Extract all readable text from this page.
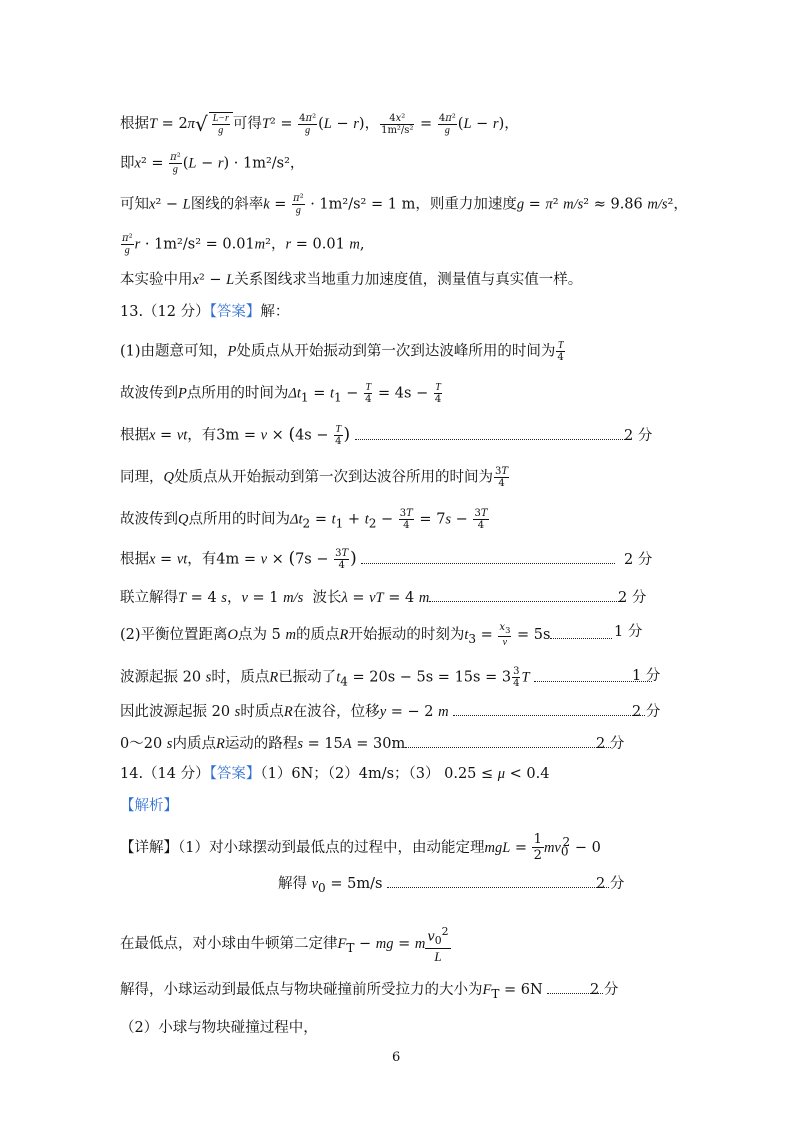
根据$T = 2\pi√ \frac{L-r}{g}$ 可得$T^2 = \frac{\text{4π²}}{g} (L - r)$， $\frac{\text{4x²}}{\text{1m²/s²}} = \frac{\text{4π²}}{g} (L - r)$，
即$x^2 = \frac{\text{π²}}{g} (L - r) \cdot 1m^2/s^2$，
可知x² − L图线的斜率$k = \frac{\text{π²}}{g} \cdot 1m^2/s^2 = 1$ m，则重力加速度g = π² m/s² ≈ 9.86 m/s²，
$\frac{\text{π²}}{g}$ r · 1m²/s² = 0.01m²，r = 0.01 m,
本实验中用x² − L关系图线求当地重力加速度值，测量值与真实值一样。
13.（12 分）【答案】解：
(1)由题意可知，P处质点从开始振动到第一次到达波峰所用的时间为 $\frac{T}{4}$
故波传到P点所用的时间为$\Delta t_1 = t_1 - \frac{T}{4} = 4s - \frac{T}{4}$
根据x = vt，有$3m = v \times (4s - \frac{T}{4}$ )	2 分
同理，Q处质点从开始振动到第一次到达波谷所用的时间为 $\frac{3T}{4}$
故波传到Q点所用的时间为$\Delta t_2 = t_1 + t_2 - \frac{3T}{4} = 7s - \frac{3T}{4}$
根据x = vt，有$4m = v \times (7s - \frac{3T}{4}$ )	2 分
联立解得T = 4 s，v = 1 m/s 波长λ = vT = 4 m	2 分
(2)平衡位置距离O点为 5 m的质点R开始振动的时刻为$t_3 = \frac{x_3}{v} = 5s$	1 分
波源起振 20 s时，质点R已振动了$t_4 = 20s - 5s = 15s = 3 \frac{3}{4}$ T	1 分
因此波源起振 20 s时质点R在波谷，位移y = − 2 m	2 分
0～20 s内质点R运动的路程s = 15A = 30m	2 分
14.（14 分）【答案】（1）6N；（2）4m/s；（3） 0.25 ≤ μ < 0.4
【解析】
【详解】（1）对小球摆动到最低点的过程中，由动能定理mgL = $\frac{1}{2} mv_0^2 - 0$
解得 $v_0 = 5m/s$	2 分
在最低点，对小球由牛顿第二定律$F_T$ − mg = m $\frac{v_0^2}{L}$
解得，小球运动到最低点与物块碰撞前所受拉力的大小为$F_T = 6N$	2 分
（2）小球与物块碰撞过程中，
6
